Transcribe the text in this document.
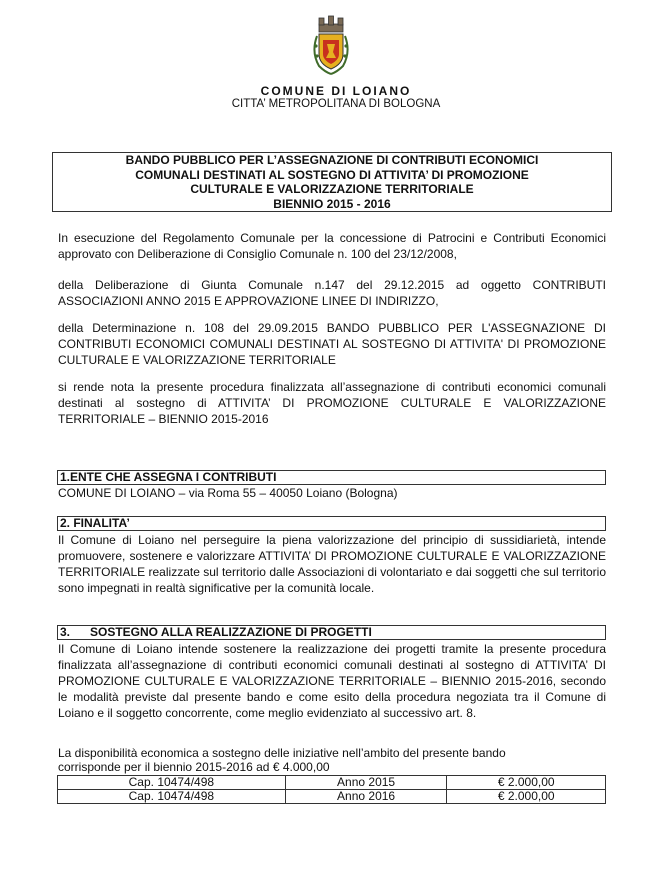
COMUNE DI LOIANO
CITTA’ METROPOLITANA DI BOLOGNA
BANDO PUBBLICO PER L’ASSEGNAZIONE DI CONTRIBUTI ECONOMICI
COMUNALI DESTINATI AL SOSTEGNO DI ATTIVITA’ DI PROMOZIONE
CULTURALE E VALORIZZAZIONE TERRITORIALE
BIENNIO 2015 - 2016
In esecuzione del Regolamento Comunale per la concessione di Patrocini e Contributi Economici approvato con Deliberazione di Consiglio Comunale n. 100 del 23/12/2008,
della Deliberazione di Giunta Comunale n.147 del 29.12.2015 ad oggetto CONTRIBUTI ASSOCIAZIONI ANNO 2015 E APPROVAZIONE LINEE DI INDIRIZZO,
della Determinazione n. 108 del 29.09.2015 BANDO PUBBLICO PER L'ASSEGNAZIONE DI CONTRIBUTI ECONOMICI COMUNALI DESTINATI AL SOSTEGNO DI ATTIVITA' DI PROMOZIONE CULTURALE E VALORIZZAZIONE TERRITORIALE
si rende nota la presente procedura finalizzata all’assegnazione di contributi economici comunali destinati al sostegno di ATTIVITA’ DI PROMOZIONE CULTURALE E VALORIZZAZIONE TERRITORIALE – BIENNIO 2015-2016
1.ENTE CHE ASSEGNA I CONTRIBUTI
COMUNE DI LOIANO – via Roma 55 – 40050 Loiano (Bologna)
2. FINALITA’
Il Comune di Loiano nel perseguire la piena valorizzazione del principio di sussidiarietà, intende promuovere, sostenere e valorizzare ATTIVITA’ DI PROMOZIONE CULTURALE E VALORIZZAZIONE TERRITORIALE realizzate sul territorio dalle Associazioni di volontariato e dai soggetti che sul territorio sono impegnati in realtà significative per la comunità locale.
3. SOSTEGNO ALLA REALIZZAZIONE DI PROGETTI
Il Comune di Loiano intende sostenere la realizzazione dei progetti tramite la presente procedura finalizzata all’assegnazione di contributi economici comunali destinati al sostegno di ATTIVITA’ DI PROMOZIONE CULTURALE E VALORIZZAZIONE TERRITORIALE – BIENNIO 2015-2016, secondo le modalità previste dal presente bando e come esito della procedura negoziata tra il Comune di Loiano e il soggetto concorrente, come meglio evidenziato al successivo art. 8.
La disponibilità economica a sostegno delle iniziative nell’ambito del presente bando
corrisponde per il biennio 2015-2016 ad € 4.000,00
Cap. 10474/498	Anno 2015	€ 2.000,00
Cap. 10474/498	Anno 2016	€ 2.000,00
